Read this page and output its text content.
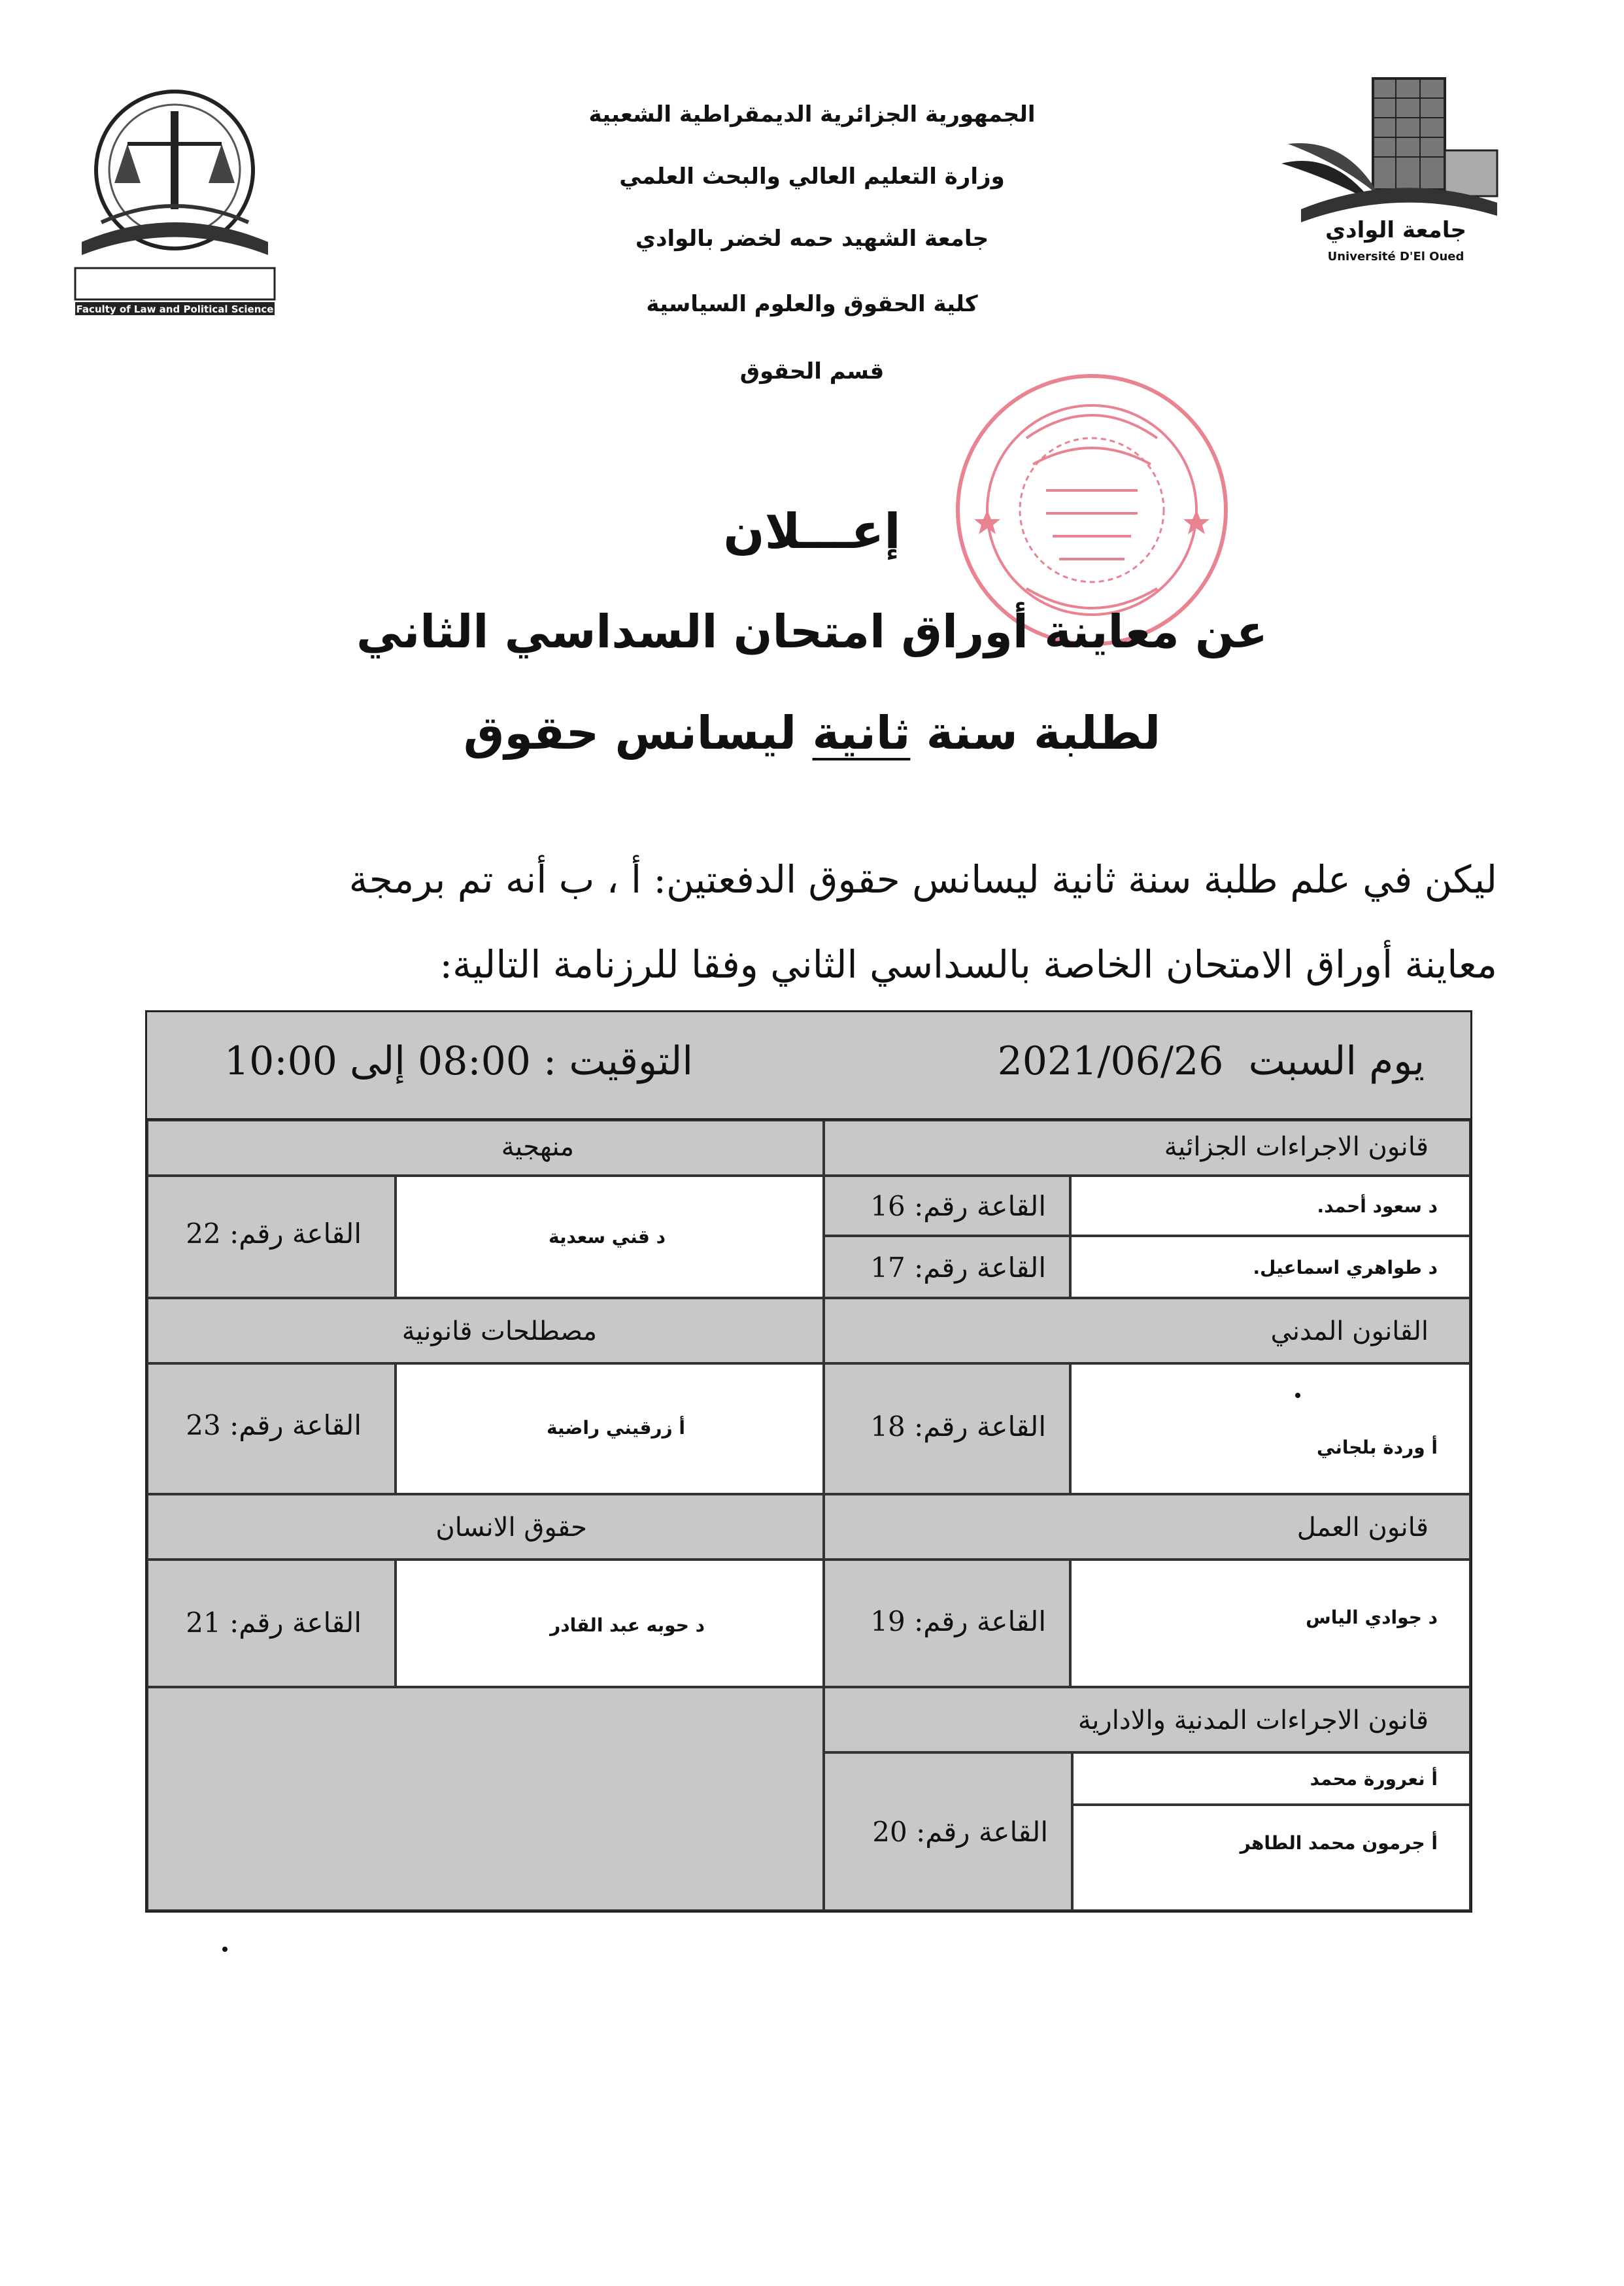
الجمهورية الجزائرية الديمقراطية الشعبية
وزارة التعليم العالي والبحث العلمي
جامعة الشهيد حمه لخضر بالوادي
كلية الحقوق والعلوم السياسية
قسم الحقوق
Faculty of Law and Political Science
جامعة الوادي
Université D'El Oued
إعـــلان
عن معاينة أوراق امتحان السداسي الثاني
لطلبة سنة ثانية ليسانس حقوق
ليكن في علم طلبة سنة ثانية ليسانس حقوق الدفعتين: أ ، ب أنه تم برمجة
معاينة أوراق الامتحان الخاصة بالسداسي الثاني وفقا للرزنامة التالية:
يوم السبت  2021/06/26
التوقيت : 08:00 إلى 10:00
قانون الاجراءات الجزائية
د سعود أحمد.
القاعة رقم: 16
د طواهري اسماعيل.
القاعة رقم: 17
القانون المدني
أ وردة بلجاني
القاعة رقم: 18
قانون العمل
د جوادي الياس
القاعة رقم: 19
قانون الاجراءات المدنية والادارية
أ نعرورة محمد
أ جرمون محمد الطاهر
القاعة رقم: 20
منهجية
د قني سعدية
القاعة رقم: 22
مصطلحات قانونية
أ زرقيني راضية
القاعة رقم: 23
حقوق الانسان
د حوبه عبد القادر
القاعة رقم: 21
